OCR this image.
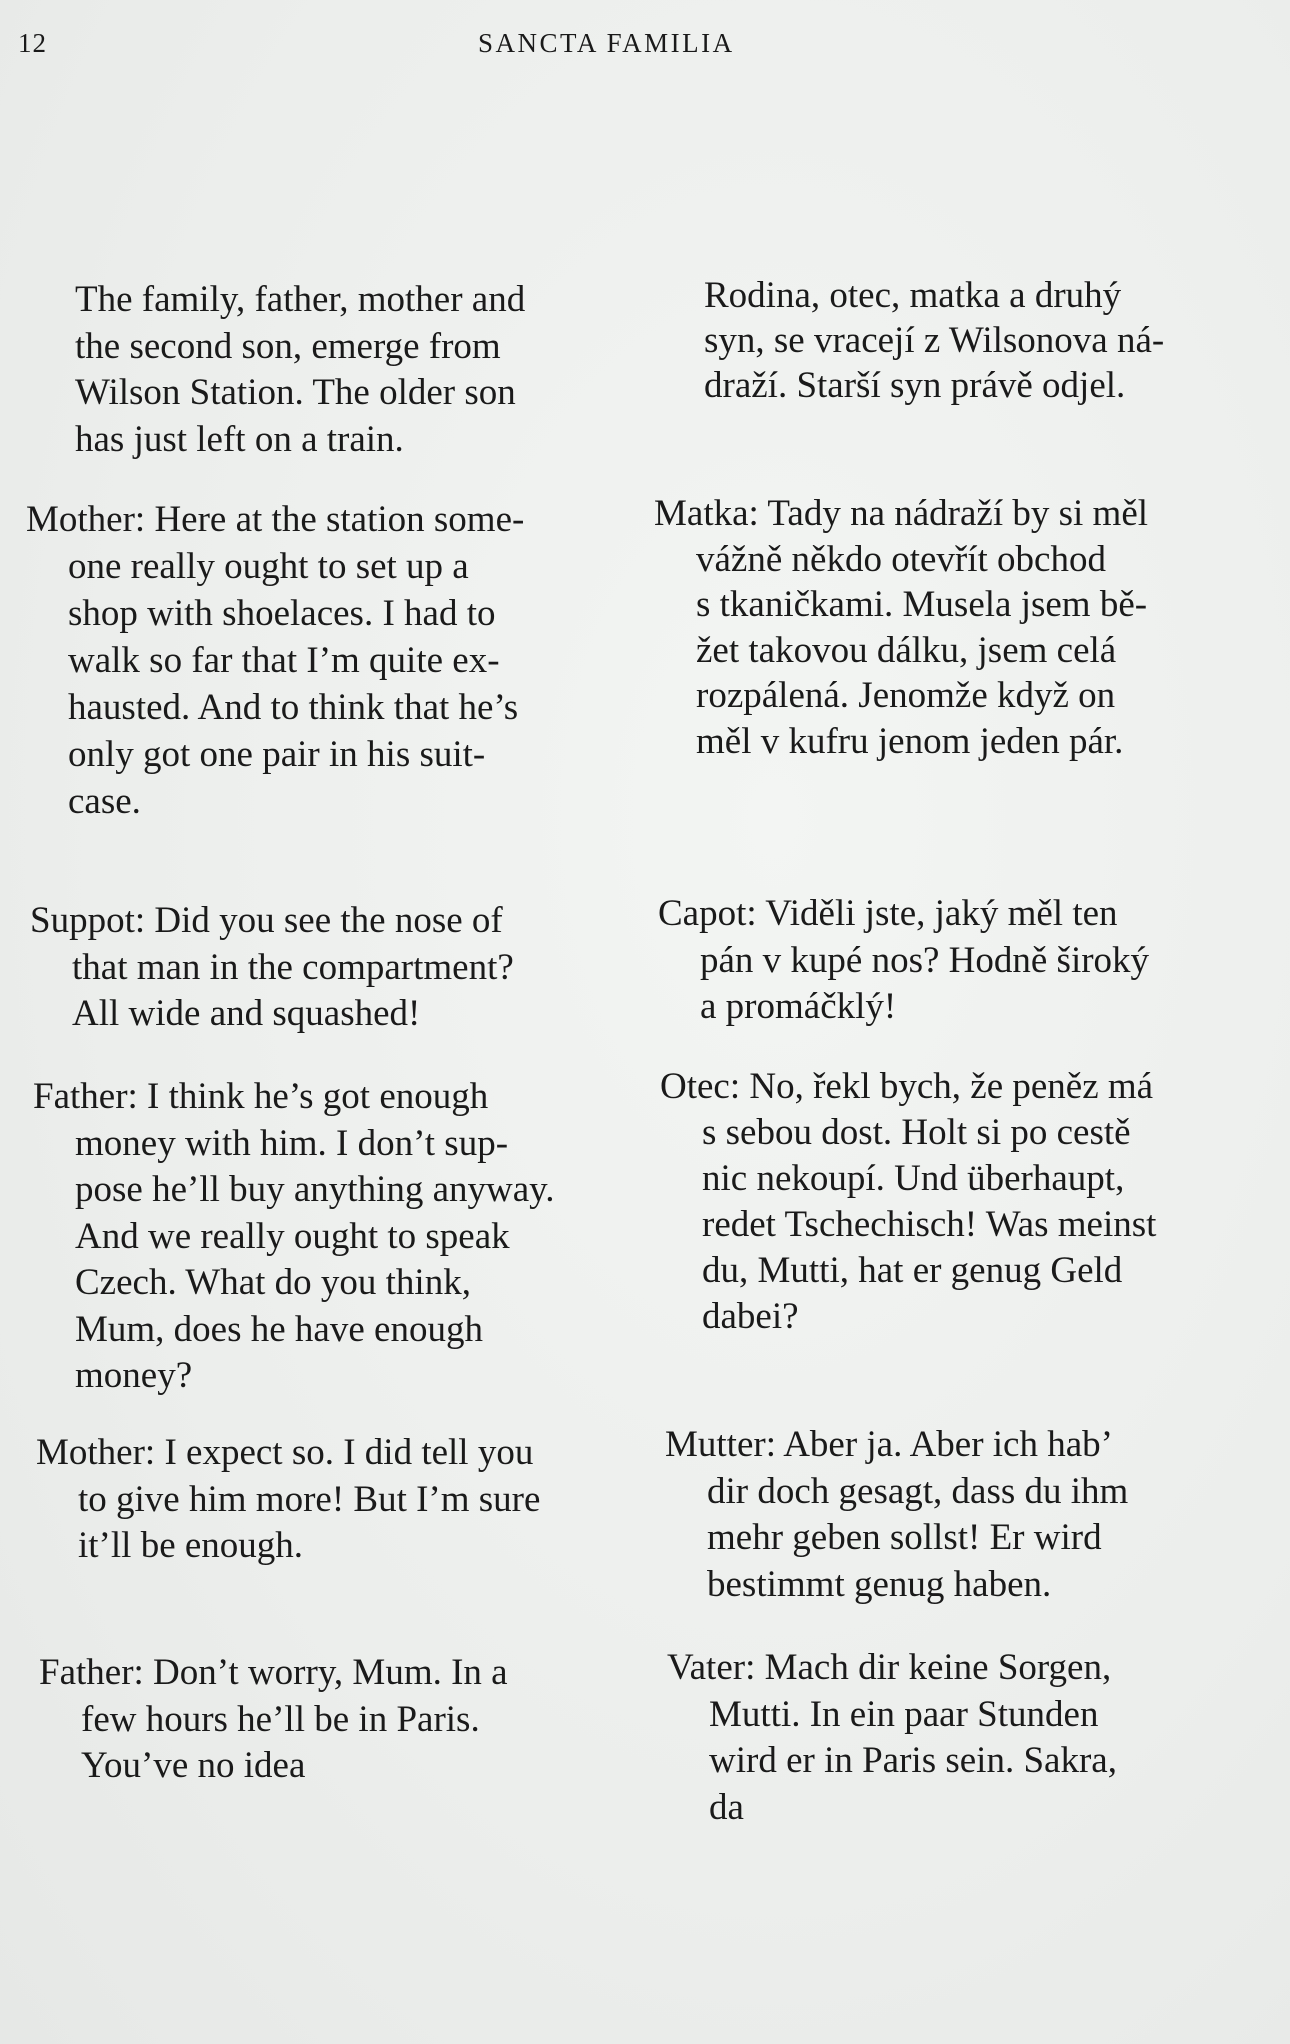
12	SANCTA FAMILIA
The family, father, mother and
the second son, emerge from
Wilson Station. The older son
has just left on a train.
Mother: Here at the station some-
one really ought to set up a
shop with shoelaces. I had to
walk so far that I’m quite ex-
hausted. And to think that he’s
only got one pair in his suit-
case.
Suppot: Did you see the nose of
that man in the compartment?
All wide and squashed!
Father: I think he’s got enough
money with him. I don’t sup-
pose he’ll buy anything anyway.
And we really ought to speak
Czech. What do you think,
Mum, does he have enough
money?
Mother: I expect so. I did tell you
to give him more! But I’m sure
it’ll be enough.
Father: Don’t worry, Mum. In a
few hours he’ll be in Paris.
You’ve no idea
Rodina, otec, matka a druhý
syn, se vracejí z Wilsonova ná-
draží. Starší syn právě odjel.
Matka: Tady na nádraží by si měl
vážně někdo otevřít obchod
s tkaničkami. Musela jsem bě-
žet takovou dálku, jsem celá
rozpálená. Jenomže když on
měl v kufru jenom jeden pár.
Capot: Viděli jste, jaký měl ten
pán v kupé nos? Hodně široký
a promáčklý!
Otec: No, řekl bych, že peněz má
s sebou dost. Holt si po cestě
nic nekoupí. Und überhaupt,
redet Tschechisch! Was meinst
du, Mutti, hat er genug Geld
dabei?
Mutter: Aber ja. Aber ich hab’
dir doch gesagt, dass du ihm
mehr geben sollst! Er wird
bestimmt genug haben.
Vater: Mach dir keine Sorgen,
Mutti. In ein paar Stunden
wird er in Paris sein. Sakra,
da
